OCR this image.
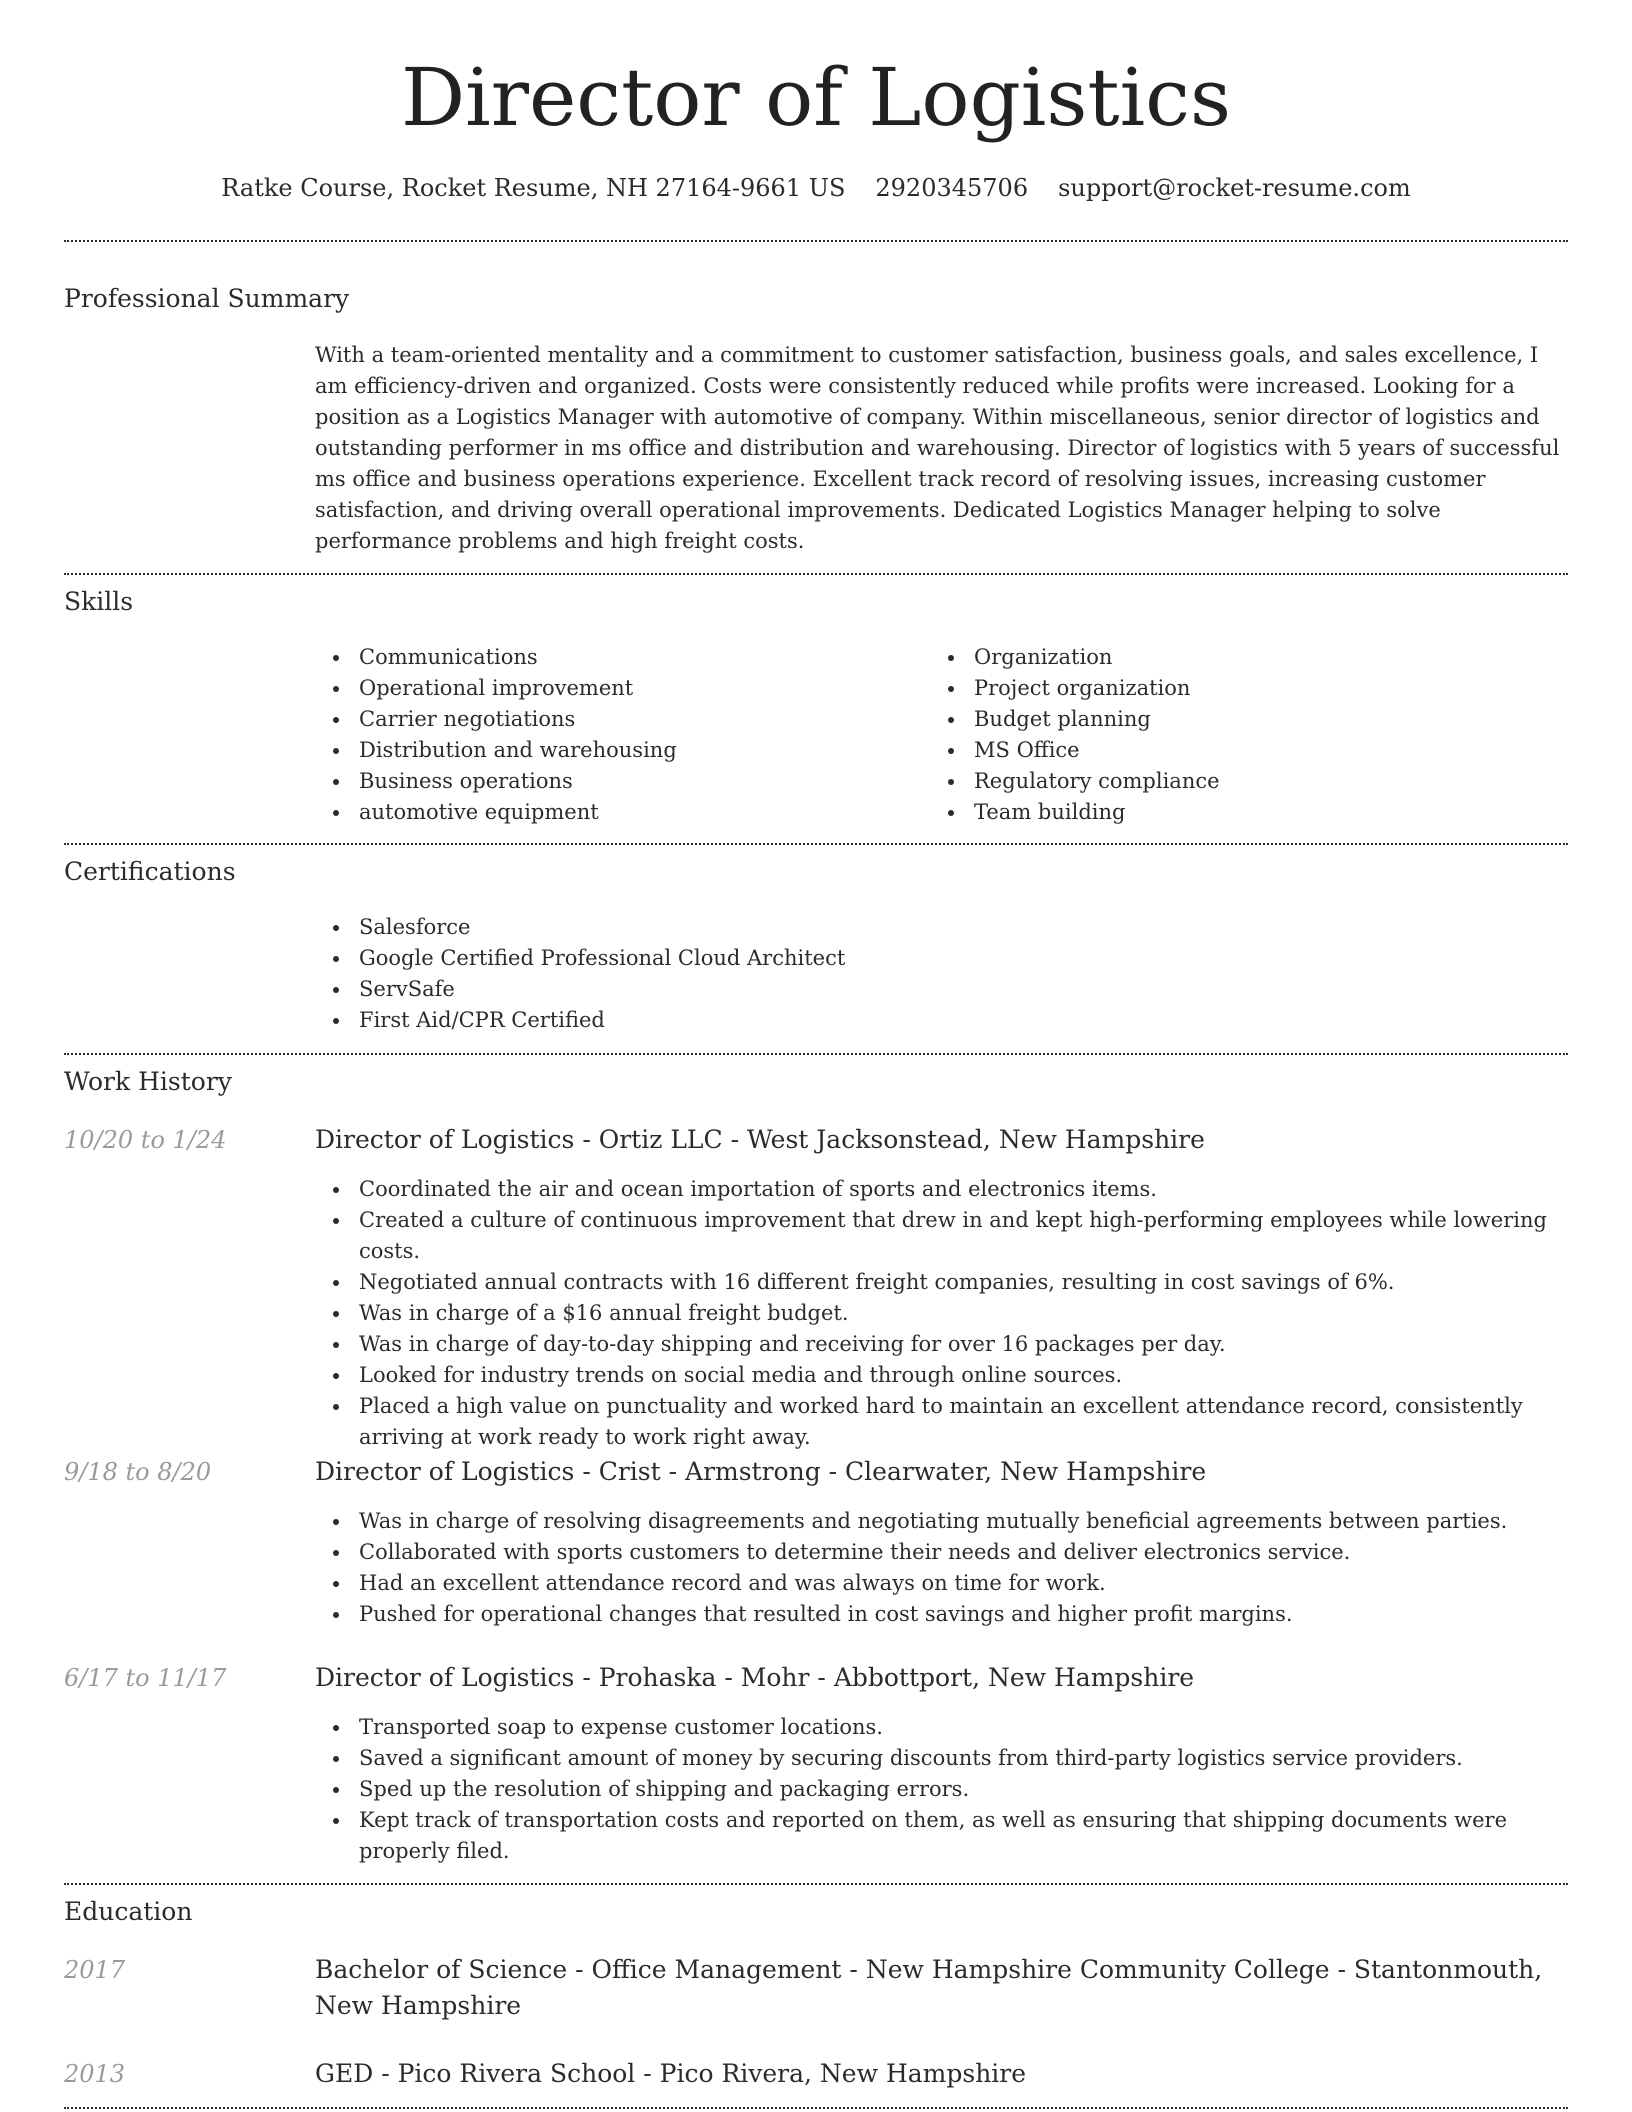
Director of Logistics
Ratke Course, Rocket Resume, NH 27164-9661 US 2920345706 support@rocket-resume.com
Professional Summary

With a team-oriented mentality and a commitment to customer satisfaction, business goals, and sales excellence, I am efficiency-driven and organized. Costs were consistently reduced while profits were increased. Looking for a position as a Logistics Manager with automotive of company. Within miscellaneous, senior director of logistics and outstanding performer in ms office and distribution and warehousing. Director of logistics with 5 years of successful ms office and business operations experience. Excellent track record of resolving issues, increasing customer satisfaction, and driving overall operational improvements. Dedicated Logistics Manager helping to solve performance problems and high freight costs.

Skills
Communications
Operational improvement
Carrier negotiations
Distribution and warehousing
Business operations
automotive equipment
Organization
Project organization
Budget planning
MS Office
Regulatory compliance
Team building
Certifications
Salesforce
Google Certified Professional Cloud Architect
ServSafe
First Aid/CPR Certified
Work History
10/20 to 1/24	Director of Logistics - Ortiz LLC - West Jacksonstead, New Hampshire
Coordinated the air and ocean importation of sports and electronics items.
Created a culture of continuous improvement that drew in and kept high-performing employees while lowering costs.
Negotiated annual contracts with 16 different freight companies, resulting in cost savings of 6%.
Was in charge of a $16 annual freight budget.
Was in charge of day-to-day shipping and receiving for over 16 packages per day.
Looked for industry trends on social media and through online sources.
Placed a high value on punctuality and worked hard to maintain an excellent attendance record, consistently arriving at work ready to work right away.
9/18 to 8/20	Director of Logistics - Crist - Armstrong - Clearwater, New Hampshire
Was in charge of resolving disagreements and negotiating mutually beneficial agreements between parties.
Collaborated with sports customers to determine their needs and deliver electronics service.
Had an excellent attendance record and was always on time for work.
Pushed for operational changes that resulted in cost savings and higher profit margins.
6/17 to 11/17	Director of Logistics - Prohaska - Mohr - Abbottport, New Hampshire
Transported soap to expense customer locations.
Saved a significant amount of money by securing discounts from third-party logistics service providers.
Sped up the resolution of shipping and packaging errors.
Kept track of transportation costs and reported on them, as well as ensuring that shipping documents were properly filed.
Education
2017	Bachelor of Science - Office Management - New Hampshire Community College - Stantonmouth, New Hampshire
2013	GED - Pico Rivera School - Pico Rivera, New Hampshire
